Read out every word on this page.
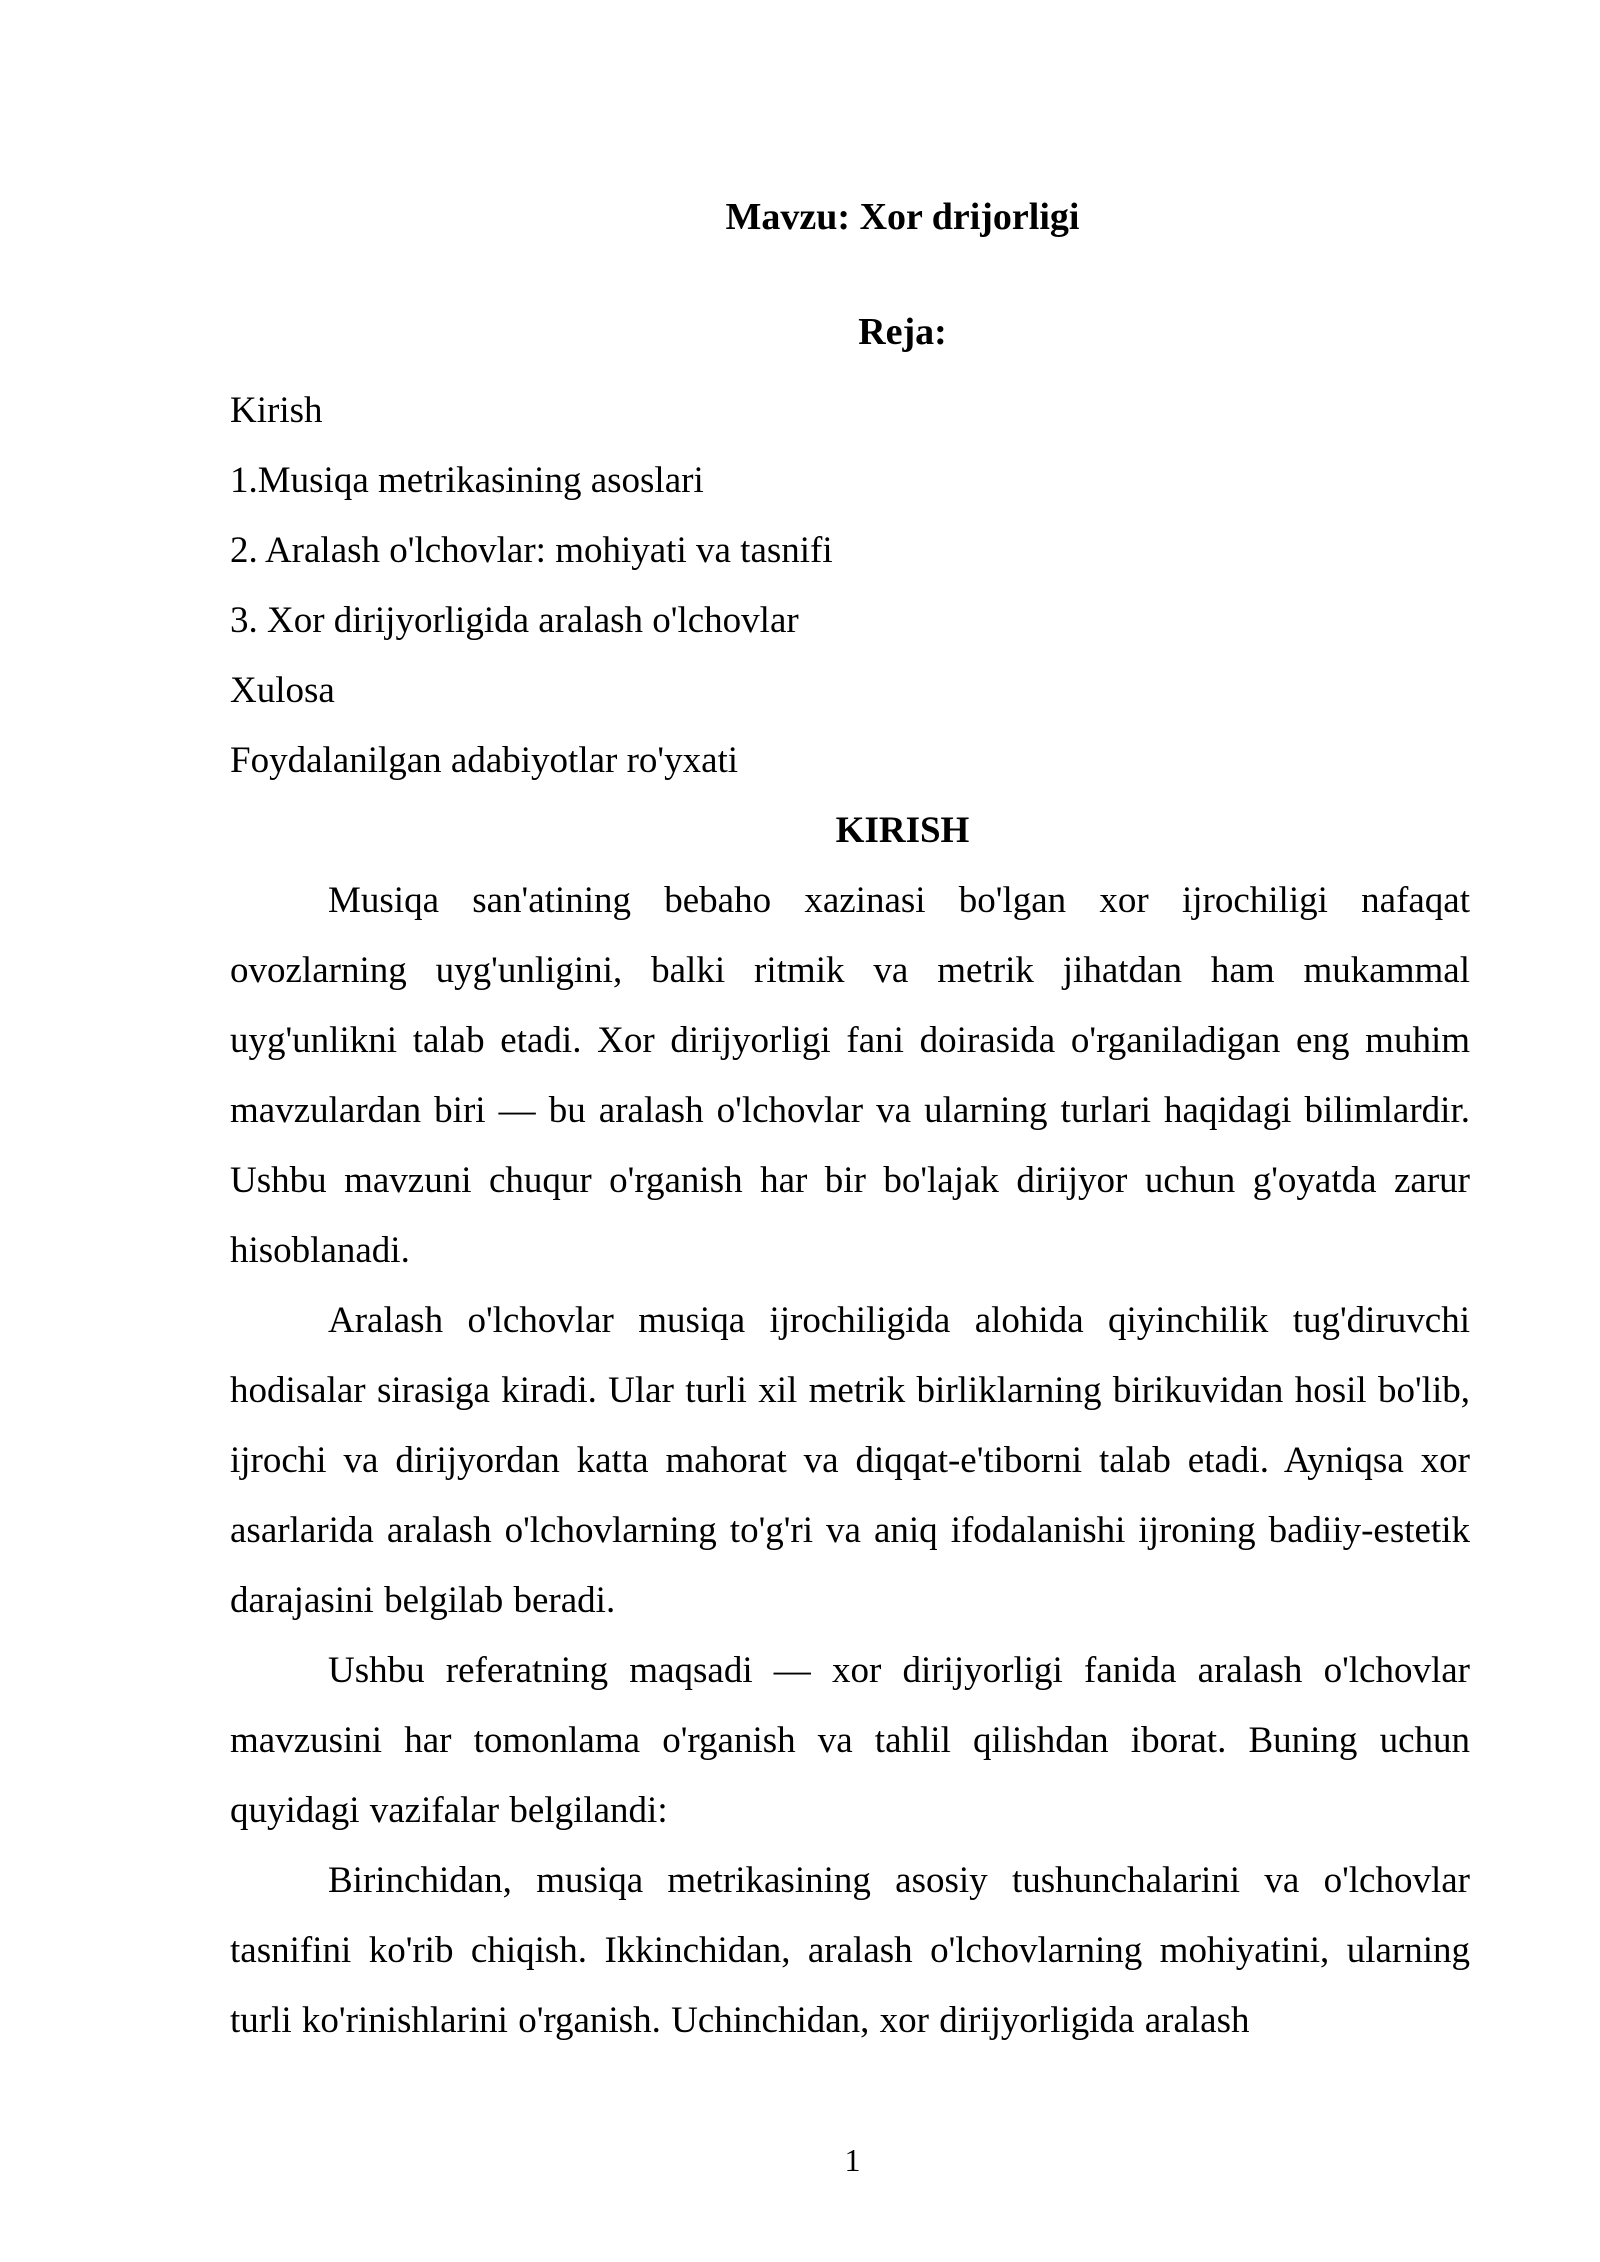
Mavzu: Xor drijorligi
Reja:
Kirish
1.Musiqa metrikasining asoslari
2. Aralash o'lchovlar: mohiyati va tasnifi
3. Xor dirijyorligida aralash o'lchovlar
Xulosa
Foydalanilgan adabiyotlar ro'yxati
KIRISH

Musiqa san'atining bebaho xazinasi bo'lgan xor ijrochiligi nafaqat ovozlarning uyg'unligini, balki ritmik va metrik jihatdan ham mukammal uyg'unlikni talab etadi. Xor dirijyorligi fani doirasida o'rganiladigan eng muhim mavzulardan biri — bu aralash o'lchovlar va ularning turlari haqidagi bilimlardir. Ushbu mavzuni chuqur o'rganish har bir bo'lajak dirijyor uchun g'oyatda zarur hisoblanadi.

Aralash o'lchovlar musiqa ijrochiligida alohida qiyinchilik tug'diruvchi hodisalar sirasiga kiradi. Ular turli xil metrik birliklarning birikuvidan hosil bo'lib, ijrochi va dirijyordan katta mahorat va diqqat-e'tiborni talab etadi. Ayniqsa xor asarlarida aralash o'lchovlarning to'g'ri va aniq ifodalanishi ijroning badiiy-estetik darajasini belgilab beradi.

Ushbu referatning maqsadi — xor dirijyorligi fanida aralash o'lchovlar mavzusini har tomonlama o'rganish va tahlil qilishdan iborat. Buning uchun quyidagi vazifalar belgilandi:

Birinchidan, musiqa metrikasining asosiy tushunchalarini va o'lchovlar tasnifini ko'rib chiqish. Ikkinchidan, aralash o'lchovlarning mohiyatini, ularning turli ko'rinishlarini o'rganish. Uchinchidan, xor dirijyorligida aralash

1
